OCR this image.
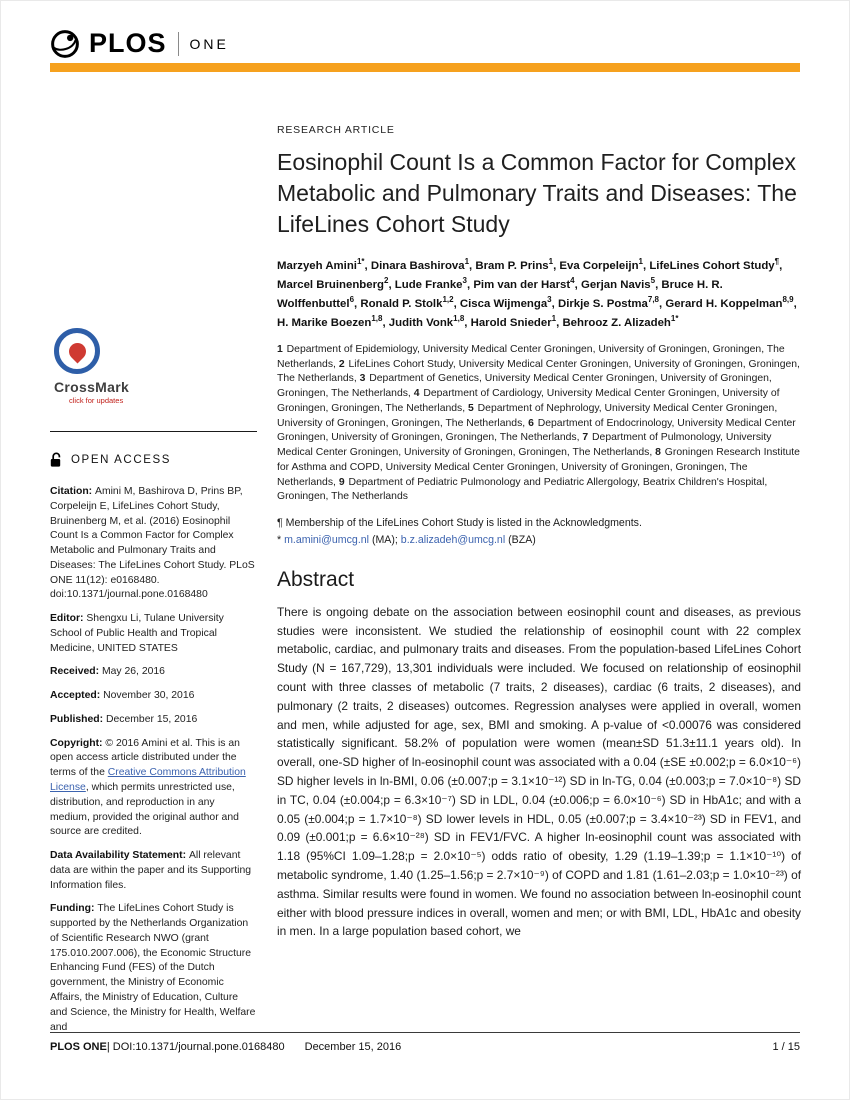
PLOS ONE
CrossMark
click for updates
OPEN ACCESS

Citation: Amini M, Bashirova D, Prins BP, Corpeleijn E, LifeLines Cohort Study, Bruinenberg M, et al. (2016) Eosinophil Count Is a Common Factor for Complex Metabolic and Pulmonary Traits and Diseases: The LifeLines Cohort Study. PLoS ONE 11(12): e0168480. doi:10.1371/journal.pone.0168480

Editor: Shengxu Li, Tulane University School of Public Health and Tropical Medicine, UNITED STATES

Received: May 26, 2016

Accepted: November 30, 2016

Published: December 15, 2016

Copyright: © 2016 Amini et al. This is an open access article distributed under the terms of the Creative Commons Attribution License, which permits unrestricted use, distribution, and reproduction in any medium, provided the original author and source are credited.

Data Availability Statement: All relevant data are within the paper and its Supporting Information files.

Funding: The LifeLines Cohort Study is supported by the Netherlands Organization of Scientific Research NWO (grant 175.010.2007.006), the Economic Structure Enhancing Fund (FES) of the Dutch government, the Ministry of Economic Affairs, the Ministry of Education, Culture and Science, the Ministry for Health, Welfare and

RESEARCH ARTICLE
Eosinophil Count Is a Common Factor for Complex Metabolic and Pulmonary Traits and Diseases: The LifeLines Cohort Study

Marzyeh Amini$^{1*}$, Dinara Bashirova$^1$, Bram P. Prins$^1$, Eva Corpeleijn$^1$, LifeLines Cohort Study¶, Marcel Bruinenberg$^2$, Lude Franke$^3$, Pim van der Harst$^4$, Gerjan Navis$^5$, Bruce H. R. Wolffenbuttel$^6$, Ronald P. Stolk$^{1,2}$, Cisca Wijmenga$^3$, Dirkje S. Postma$^{7,8}$, Gerard H. Koppelman$^{8,9}$, H. Marike Boezen$^{1,8}$, Judith Vonk$^{1,8}$, Harold Snieder$^1$, Behrooz Z. Alizadeh$^{1*}$

1 Department of Epidemiology, University Medical Center Groningen, University of Groningen, Groningen, The Netherlands, 2 LifeLines Cohort Study, University Medical Center Groningen, University of Groningen, Groningen, The Netherlands, 3 Department of Genetics, University Medical Center Groningen, University of Groningen, Groningen, The Netherlands, 4 Department of Cardiology, University Medical Center Groningen, University of Groningen, Groningen, The Netherlands, 5 Department of Nephrology, University Medical Center Groningen, University of Groningen, Groningen, The Netherlands, 6 Department of Endocrinology, University Medical Center Groningen, University of Groningen, Groningen, The Netherlands, 7 Department of Pulmonology, University Medical Center Groningen, University of Groningen, Groningen, The Netherlands, 8 Groningen Research Institute for Asthma and COPD, University Medical Center Groningen, University of Groningen, Groningen, The Netherlands, 9 Department of Pediatric Pulmonology and Pediatric Allergology, Beatrix Children's Hospital, Groningen, The Netherlands

¶ Membership of the LifeLines Cohort Study is listed in the Acknowledgments.

* m.amini@umcg.nl (MA); b.z.alizadeh@umcg.nl (BZA)

Abstract

There is ongoing debate on the association between eosinophil count and diseases, as previous studies were inconsistent. We studied the relationship of eosinophil count with 22 complex metabolic, cardiac, and pulmonary traits and diseases. From the population-based LifeLines Cohort Study (N = 167,729), 13,301 individuals were included. We focused on relationship of eosinophil count with three classes of metabolic (7 traits, 2 diseases), cardiac (6 traits, 2 diseases), and pulmonary (2 traits, 2 diseases) outcomes. Regression analyses were applied in overall, women and men, while adjusted for age, sex, BMI and smoking. A p-value of <0.00076 was considered statistically significant. 58.2% of population were women (mean±SD 51.3±11.1 years old). In overall, one-SD higher of ln-eosinophil count was associated with a 0.04 (±SE ±0.002;p = 6.0×10⁻⁶) SD higher levels in ln-BMI, 0.06 (±0.007;p = 3.1×10⁻¹²) SD in ln-TG, 0.04 (±0.003;p = 7.0×10⁻⁸) SD in TC, 0.04 (±0.004;p = 6.3×10⁻⁷) SD in LDL, 0.04 (±0.006;p = 6.0×10⁻⁶) SD in HbA1c; and with a 0.05 (±0.004;p = 1.7×10⁻⁸) SD lower levels in HDL, 0.05 (±0.007;p = 3.4×10⁻²³) SD in FEV1, and 0.09 (±0.001;p = 6.6×10⁻²⁸) SD in FEV1/FVC. A higher ln-eosinophil count was associated with 1.18 (95%CI 1.09–1.28;p = 2.0×10⁻⁵) odds ratio of obesity, 1.29 (1.19–1.39;p = 1.1×10⁻¹⁰) of metabolic syndrome, 1.40 (1.25–1.56;p = 2.7×10⁻⁹) of COPD and 1.81 (1.61–2.03;p = 1.0×10⁻²³) of asthma. Similar results were found in women. We found no association between ln-eosinophil count either with blood pressure indices in overall, women and men; or with BMI, LDL, HbA1c and obesity in men. In a large population based cohort, we

PLOS ONE | DOI:10.1371/journal.pone.0168480 December 15, 2016	1 / 15
